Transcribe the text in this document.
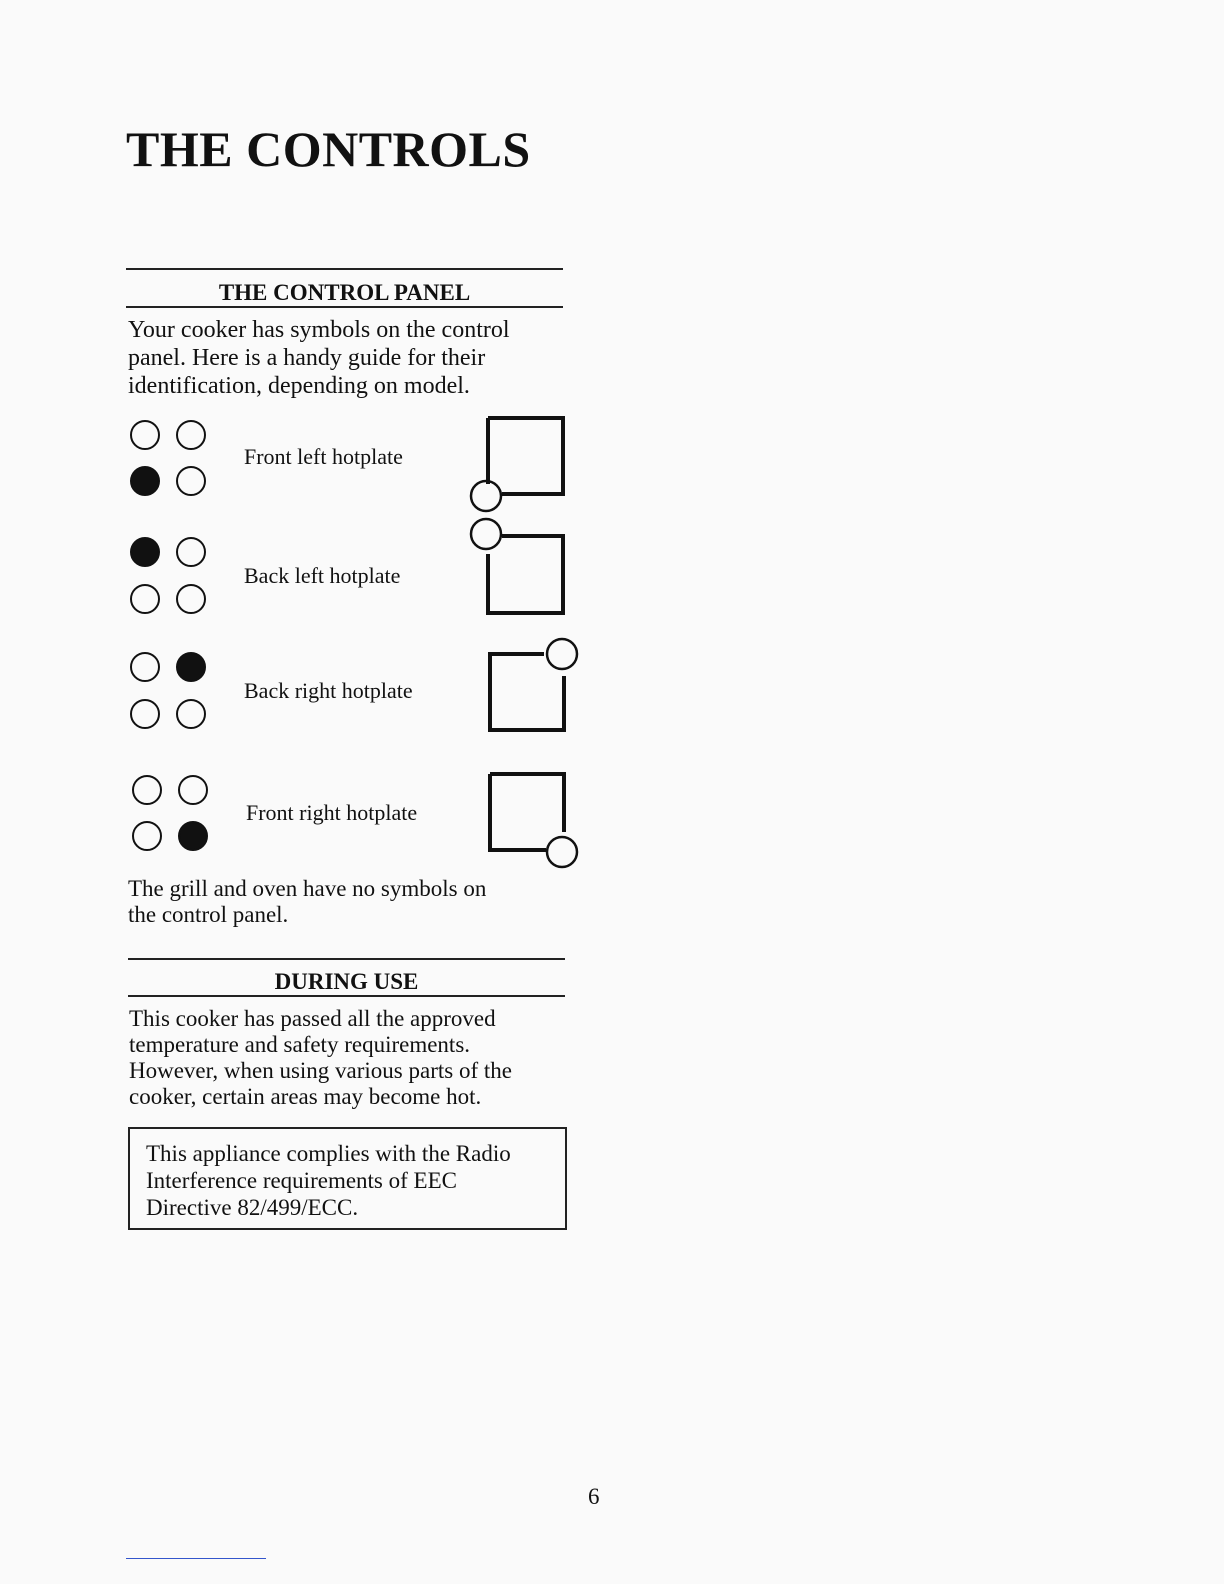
THE CONTROLS
THE CONTROL PANEL
Your cooker has symbols on the control
panel. Here is a handy guide for their
identification, depending on model.
Front left hotplate
Back left hotplate
Back right hotplate
Front right hotplate
The grill and oven have no symbols on
the control panel.
DURING USE
This cooker has passed all the approved
temperature and safety requirements.
However, when using various parts of the
cooker, certain areas may become hot.
This appliance complies with the Radio
Interference requirements of EEC
Directive 82/499/ECC.
6
